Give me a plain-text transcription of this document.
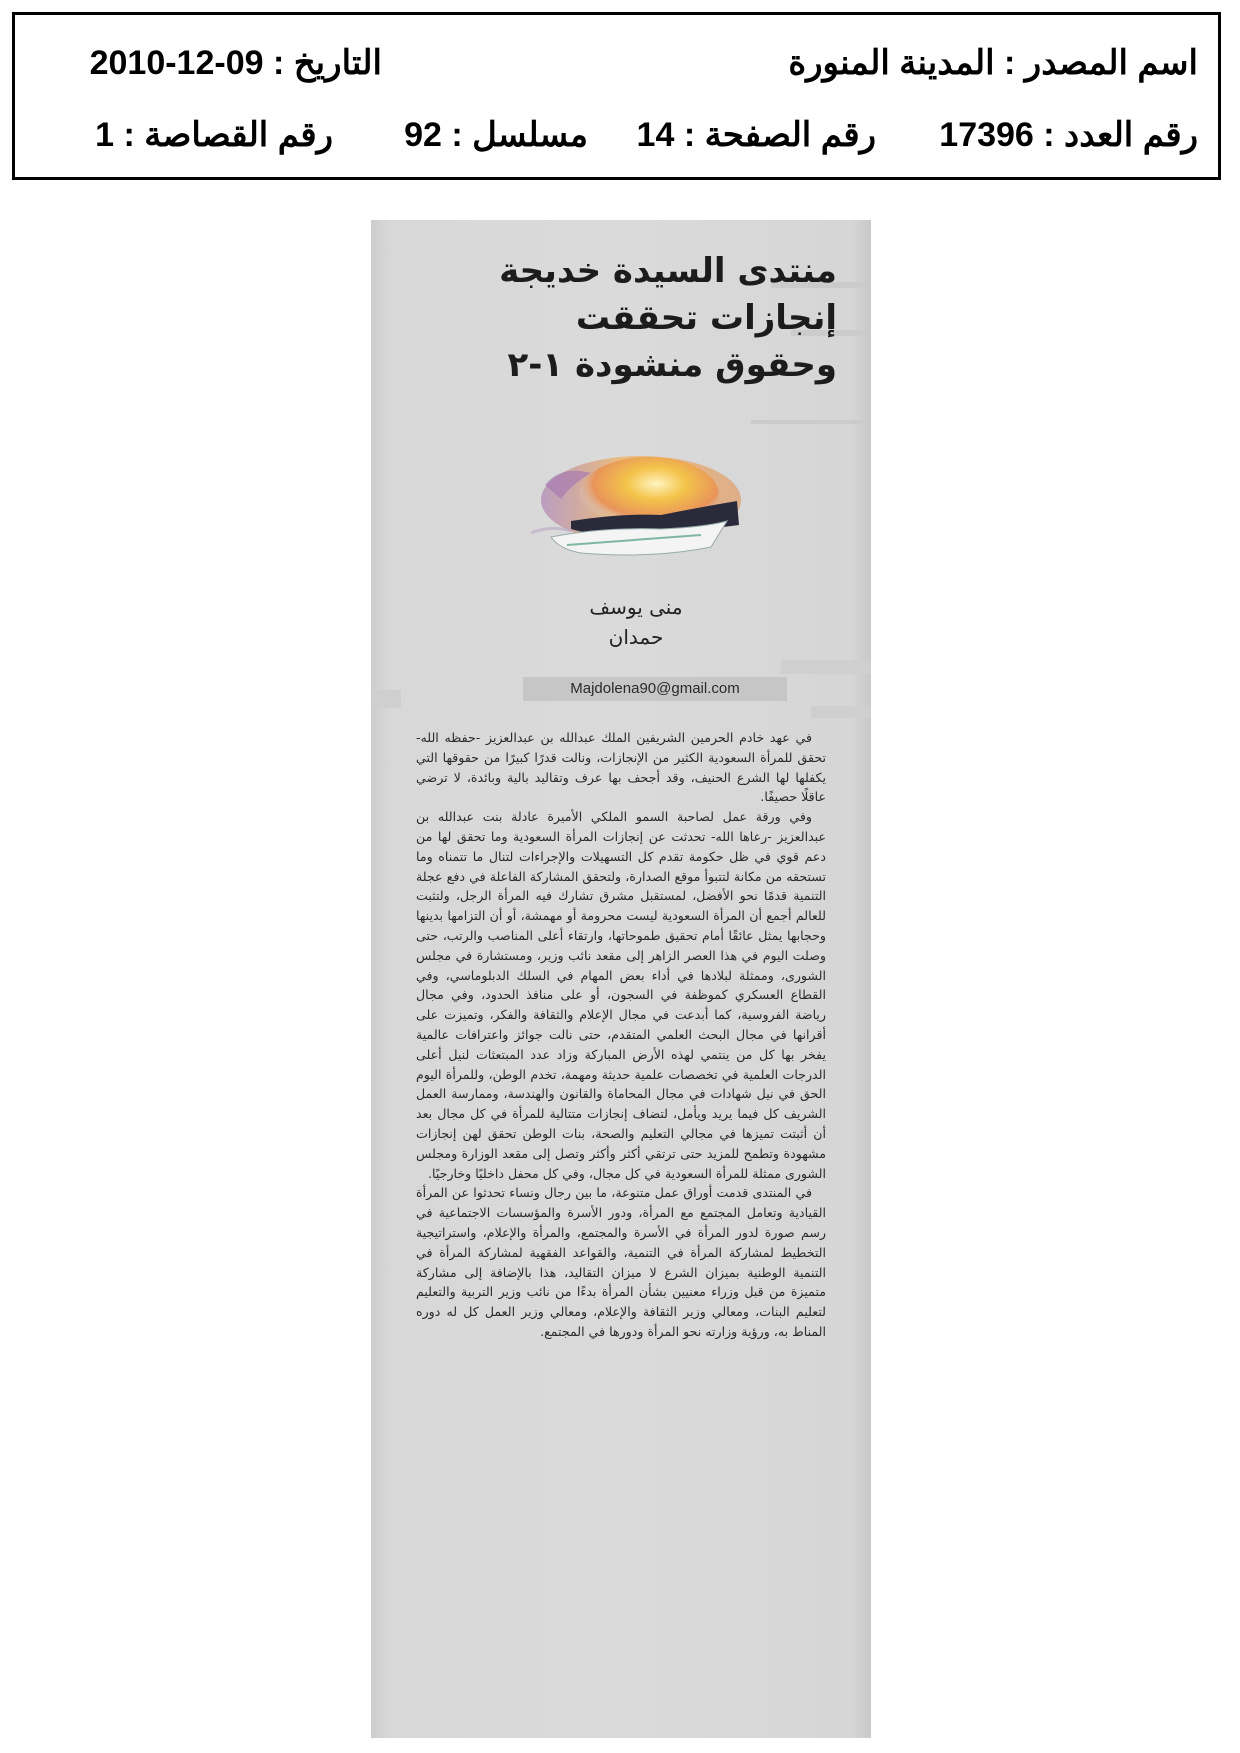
اسم المصدر : المدينة المنورة
التاريخ : 2010-12-09
رقم العدد : 17396
رقم الصفحة : 14
مسلسل : 92
رقم القصاصة : 1
منتدى السيدة خديجة
إنجازات تحققت
وحقوق منشودة ١-٢
منى يوسف
حمدان
Majdolena90@gmail.com

في عهد خادم الحرمين الشريفين الملك عبدالله بن عبدالعزيز -حفظه الله- تحقق للمرأة السعودية الكثير من الإنجازات، ونالت قدرًا كبيرًا من حقوقها التي يكفلها لها الشرع الحنيف، وقد أجحف بها عرف وتقاليد بالية وبائدة، لا ترضي عاقلًا حصيفًا.

وفي ورقة عمل لصاحبة السمو الملكي الأميرة عادلة بنت عبدالله بن عبدالعزيز -رعاها الله- تحدثت عن إنجازات المرأة السعودية وما تحقق لها من دعم قوي في ظل حكومة تقدم كل التسهيلات والإجراءات لتنال ما تتمناه وما تستحقه من مكانة لتتبوأ موقع الصدارة، ولتحقق المشاركة الفاعلة في دفع عجلة التنمية قدمًا نحو الأفضل، لمستقبل مشرق تشارك فيه المرأة الرجل، ولتثبت للعالم أجمع أن المرأة السعودية ليست محرومة أو مهمشة، أو أن التزامها بدينها وحجابها يمثل عائقًا أمام تحقيق طموحاتها، وارتقاء أعلى المناصب والرتب، حتى وصلت اليوم في هذا العصر الزاهر إلى مقعد نائب وزير، ومستشارة في مجلس الشورى، وممثلة لبلادها في أداء بعض المهام في السلك الدبلوماسي، وفي القطاع العسكري كموظفة في السجون، أو على منافذ الحدود، وفي مجال رياضة الفروسية، كما أبدعت في مجال الإعلام والثقافة والفكر، وتميزت على أقرانها في مجال البحث العلمي المتقدم، حتى نالت جوائز واعترافات عالمية يفخر بها كل من ينتمي لهذه الأرض المباركة وزاد عدد المبتعثات لنيل أعلى الدرجات العلمية في تخصصات علمية حديثة ومهمة، تخدم الوطن، وللمرأة اليوم الحق في نيل شهادات في مجال المحاماة والقانون والهندسة، وممارسة العمل الشريف كل فيما يريد ويأمل، لتضاف إنجازات متتالية للمرأة في كل مجال بعد أن أثبتت تميزها في مجالي التعليم والصحة، بنات الوطن تحقق لهن إنجازات مشهودة وتطمح للمزيد حتى ترتقي أكثر وأكثر وتصل إلى مقعد الوزارة ومجلس الشورى ممثلة للمرأة السعودية في كل مجال، وفي كل محفل داخليًا وخارجيًا.

في المنتدى قدمت أوراق عمل متنوعة، ما بين رجال ونساء تحدثوا عن المرأة القيادية وتعامل المجتمع مع المرأة، ودور الأسرة والمؤسسات الاجتماعية في رسم صورة لدور المرأة في الأسرة والمجتمع، والمرأة والإعلام، واستراتيجية التخطيط لمشاركة المرأة في التنمية، والقواعد الفقهية لمشاركة المرأة في التنمية الوطنية بميزان الشرع لا ميزان التقاليد، هذا بالإضافة إلى مشاركة متميزة من قبل وزراء معنيين بشأن المرأة بدءًا من نائب وزير التربية والتعليم لتعليم البنات، ومعالي وزير الثقافة والإعلام، ومعالي وزير العمل كل له دوره المناط به، ورؤية وزارته نحو المرأة ودورها في المجتمع.
